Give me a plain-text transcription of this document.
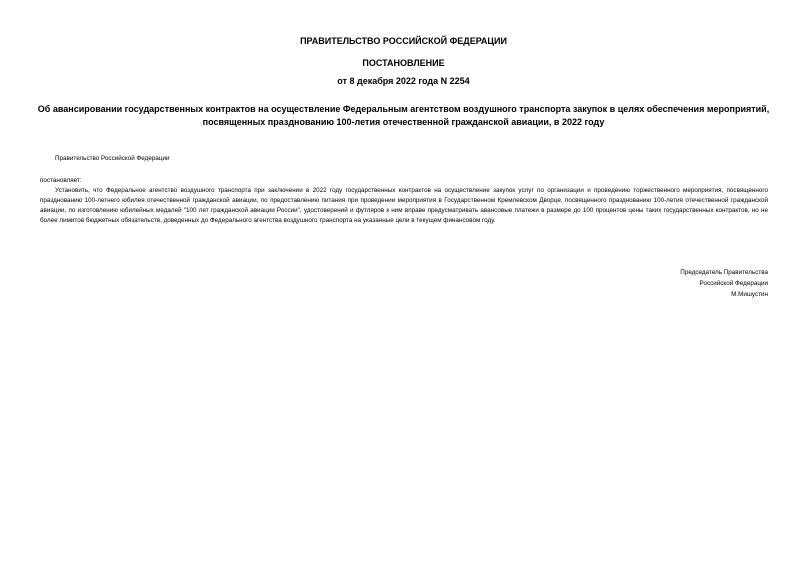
ПРАВИТЕЛЬСТВО РОССИЙСКОЙ ФЕДЕРАЦИИ
ПОСТАНОВЛЕНИЕ
от 8 декабря 2022 года N 2254
Об авансировании государственных контрактов на осуществление Федеральным агентством воздушного транспорта закупок в целях обеспечения мероприятий, посвященных празднованию 100-летия отечественной гражданской авиации, в 2022 году
Правительство Российской Федерации
постановляет:
Установить, что Федеральное агентство воздушного транспорта при заключении в 2022 году государственных контрактов на осуществление закупок услуг по организации и проведению торжественного мероприятия, посвященного празднованию 100-летнего юбилея отечественной гражданской авиации, по предоставлению питания при проведении мероприятия в Государственном Кремлевском Дворце, посвященного празднованию 100-летия отечественной гражданской авиации, по изготовлению юбилейных медалей "100 лет гражданской авиации России", удостоверений и футляров к ним вправе предусматривать авансовые платежи в размере до 100 процентов цены таких государственных контрактов, но не более лимитов бюджетных обязательств, доведенных до Федерального агентства воздушного транспорта на указанные цели в текущем финансовом году.
Председатель Правительства
Российской Федерации
М.Мишустин
